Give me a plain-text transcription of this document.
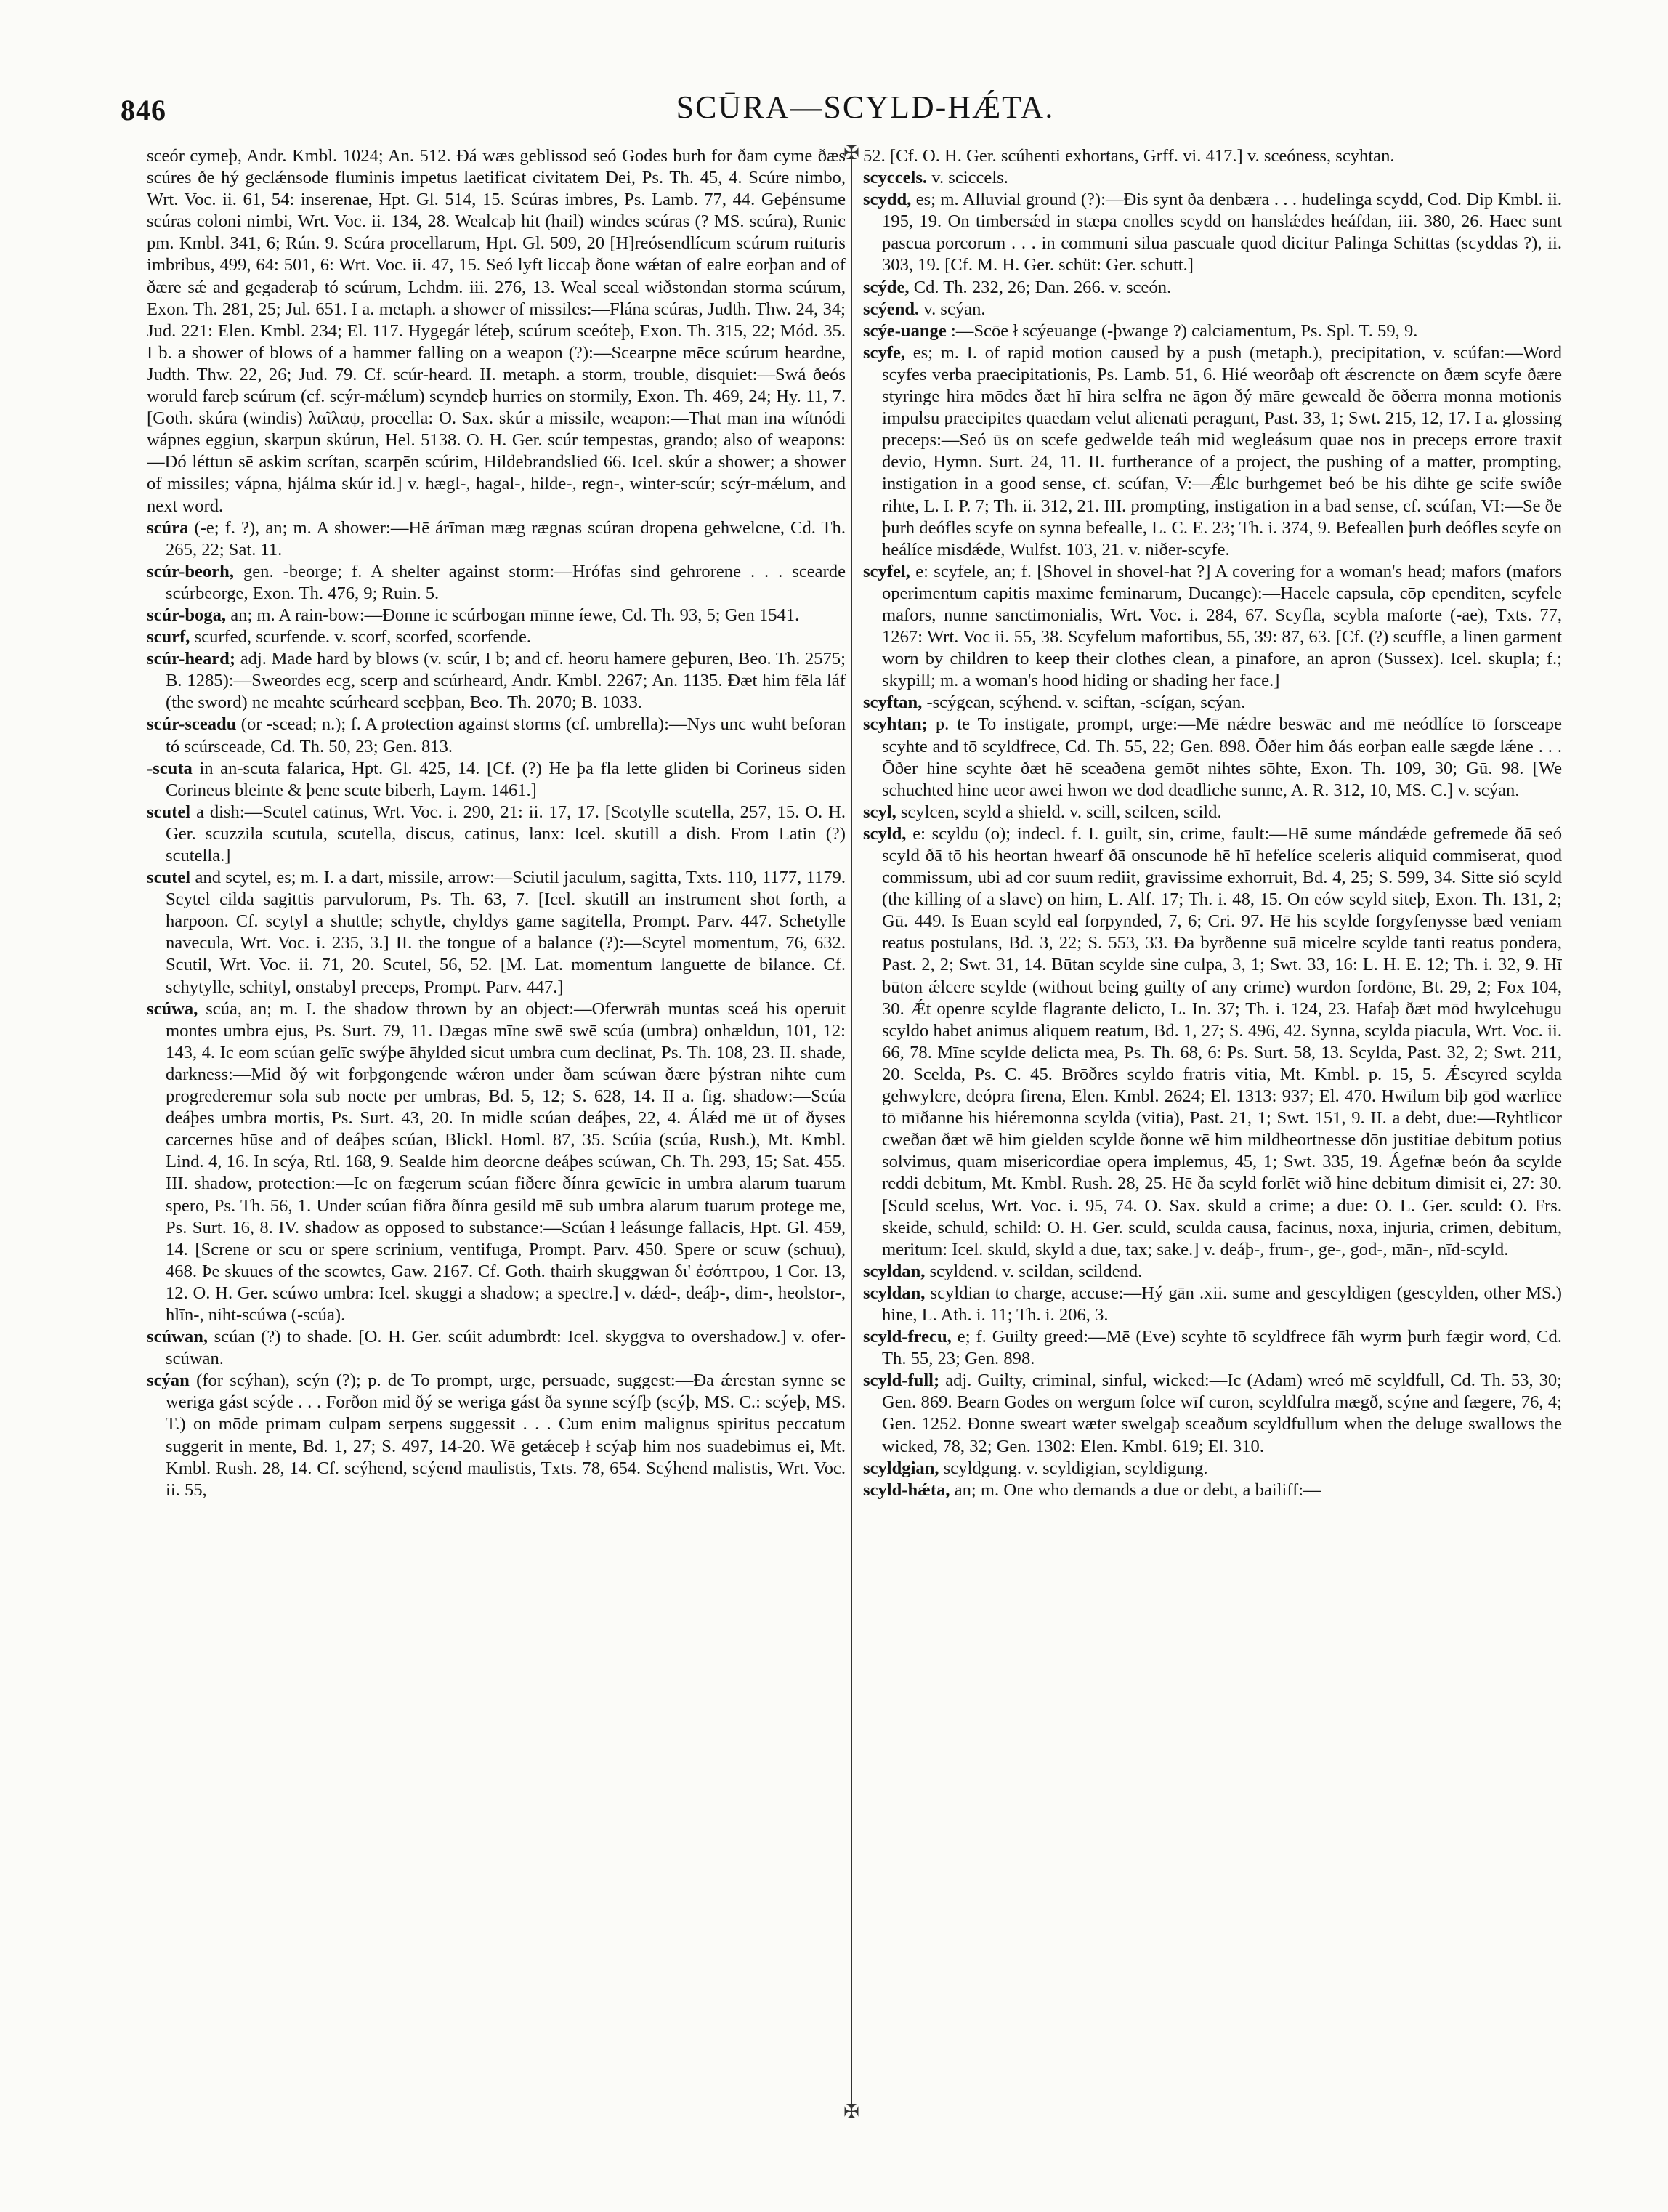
846	SCŪRA—SCYLD-HǼTA.

sceór cymeþ, Andr. Kmbl. 1024; An. 512. Ðá wæs geblissod seó Godes burh for ðam cyme ðæs scúres ðe hý geclǽnsode fluminis impetus laetificat civitatem Dei, Ps. Th. 45, 4. Scúre nimbo, Wrt. Voc. ii. 61, 54: inserenae, Hpt. Gl. 514, 15. Scúras imbres, Ps. Lamb. 77, 44. Geþénsume scúras coloni nimbi, Wrt. Voc. ii. 134, 28. Wealcaþ hit (hail) windes scúras (? MS. scúra), Runic pm. Kmbl. 341, 6; Rún. 9. Scúra procellarum, Hpt. Gl. 509, 20 [H]reósendlícum scúrum ruituris imbribus, 499, 64: 501, 6: Wrt. Voc. ii. 47, 15. Seó lyft liccaþ ðone wǽtan of ealre eorþan and of ðære sǽ and gegaderaþ tó scúrum, Lchdm. iii. 276, 13. Weal sceal wiðstondan storma scúrum, Exon. Th. 281, 25; Jul. 651. I a. metaph. a shower of missiles:—Flána scúras, Judth. Thw. 24, 34; Jud. 221: Elen. Kmbl. 234; El. 117. Hygegár léteþ, scúrum sceóteþ, Exon. Th. 315, 22; Mód. 35. I b. a shower of blows of a hammer falling on a weapon (?):—Scearpne mēce scúrum heardne, Judth. Thw. 22, 26; Jud. 79. Cf. scúr-heard. II. metaph. a storm, trouble, disquiet:—Swá ðeós woruld fareþ scúrum (cf. scýr-mǽlum) scyndeþ hurries on stormily, Exon. Th. 469, 24; Hy. 11, 7. [Goth. skúra (windis) λαῖλαψ, procella: O. Sax. skúr a missile, weapon:—That man ina wítnódi wápnes eggiun, skarpun skúrun, Hel. 5138. O. H. Ger. scúr tempestas, grando; also of weapons: —Dó léttun sē askim scrítan, scarpēn scúrim, Hildebrandslied 66. Icel. skúr a shower; a shower of missiles; vápna, hjálma skúr id.] v. hægl-, hagal-, hilde-, regn-, winter-scúr; scýr-mǽlum, and next word.

scúra (-e; f. ?), an; m. A shower:—Hē árīman mæg rægnas scúran dropena gehwelcne, Cd. Th. 265, 22; Sat. 11.

scúr-beorh, gen. -beorge; f. A shelter against storm:—Hrófas sind gehrorene . . . scearde scúrbeorge, Exon. Th. 476, 9; Ruin. 5.

scúr-boga, an; m. A rain-bow:—Ðonne ic scúrbogan mīnne íewe, Cd. Th. 93, 5; Gen 1541.

scurf, scurfed, scurfende. v. scorf, scorfed, scorfende.

scúr-heard; adj. Made hard by blows (v. scúr, I b; and cf. heoru hamere geþuren, Beo. Th. 2575; B. 1285):—Sweordes ecg, scerp and scúrheard, Andr. Kmbl. 2267; An. 1135. Ðæt him fēla láf (the sword) ne meahte scúrheard sceþþan, Beo. Th. 2070; B. 1033.

scúr-sceadu (or -scead; n.); f. A protection against storms (cf. umbrella):—Nys unc wuht beforan tó scúrsceade, Cd. Th. 50, 23; Gen. 813.

-scuta in an-scuta falarica, Hpt. Gl. 425, 14. [Cf. (?) He þa fla lette gliden bi Corineus siden Corineus bleinte & þene scute biberh, Laym. 1461.]

scutel a dish:—Scutel catinus, Wrt. Voc. i. 290, 21: ii. 17, 17. [Scotylle scutella, 257, 15. O. H. Ger. scuzzila scutula, scutella, discus, catinus, lanx: Icel. skutill a dish. From Latin (?) scutella.]

scutel and scytel, es; m. I. a dart, missile, arrow:—Sciutil jaculum, sagitta, Txts. 110, 1177, 1179. Scytel cilda sagittis parvulorum, Ps. Th. 63, 7. [Icel. skutill an instrument shot forth, a harpoon. Cf. scytyl a shuttle; schytle, chyldys game sagitella, Prompt. Parv. 447. Schetylle navecula, Wrt. Voc. i. 235, 3.] II. the tongue of a balance (?):—Scytel momentum, 76, 632. Scutil, Wrt. Voc. ii. 71, 20. Scutel, 56, 52. [M. Lat. momentum languette de bilance. Cf. schytylle, schityl, onstabyl preceps, Prompt. Parv. 447.]

scúwa, scúa, an; m. I. the shadow thrown by an object:—Oferwrāh muntas sceá his operuit montes umbra ejus, Ps. Surt. 79, 11. Dægas mīne swē swē scúa (umbra) onhældun, 101, 12: 143, 4. Ic eom scúan gelīc swýþe āhylded sicut umbra cum declinat, Ps. Th. 108, 23. II. shade, darkness:—Mid ðý wit forþgongende wǽron under ðam scúwan ðære þýstran nihte cum progrederemur sola sub nocte per umbras, Bd. 5, 12; S. 628, 14. II a. fig. shadow:—Scúa deáþes umbra mortis, Ps. Surt. 43, 20. In midle scúan deáþes, 22, 4. Álǽd mē ūt of ðyses carcernes hūse and of deáþes scúan, Blickl. Homl. 87, 35. Scúia (scúa, Rush.), Mt. Kmbl. Lind. 4, 16. In scýa, Rtl. 168, 9. Sealde him deorcne deáþes scúwan, Ch. Th. 293, 15; Sat. 455. III. shadow, protection:—Ic on fægerum scúan fiðere ðínra gewīcie in umbra alarum tuarum spero, Ps. Th. 56, 1. Under scúan fiðra ðínra gesild mē sub umbra alarum tuarum protege me, Ps. Surt. 16, 8. IV. shadow as opposed to substance:—Scúan ł leásunge fallacis, Hpt. Gl. 459, 14. [Screne or scu or spere scrinium, ventifuga, Prompt. Parv. 450. Spere or scuw (schuu), 468. Þe skuues of the scowtes, Gaw. 2167. Cf. Goth. thairh skuggwan δι' ἐσόπτρου, 1 Cor. 13, 12. O. H. Ger. scúwo umbra: Icel. skuggi a shadow; a spectre.] v. dǽd-, deáþ-, dim-, heolstor-, hlīn-, niht-scúwa (-scúa).

scúwan, scúan (?) to shade. [O. H. Ger. scúit adumbrdt: Icel. skyggva to overshadow.] v. ofer-scúwan.

scýan (for scýhan), scýn (?); p. de To prompt, urge, persuade, suggest:—Ða ǽrestan synne se weriga gást scýde . . . Forðon mid ðý se weriga gást ða synne scýfþ (scýþ, MS. C.: scýeþ, MS. T.) on mōde primam culpam serpens suggessit . . . Cum enim malignus spiritus peccatum suggerit in mente, Bd. 1, 27; S. 497, 14-20. Wē getǽceþ ł scýaþ him nos suadebimus ei, Mt. Kmbl. Rush. 28, 14. Cf. scýhend, scýend maulistis, Txts. 78, 654. Scýhend malistis, Wrt. Voc. ii. 55,

✠
✠

52. [Cf. O. H. Ger. scúhenti exhortans, Grff. vi. 417.] v. sceóness, scyhtan.

scyccels. v. sciccels.

scydd, es; m. Alluvial ground (?):—Ðis synt ða denbæra . . . hudelinga scydd, Cod. Dip Kmbl. ii. 195, 19. On timbersǽd in stæpa cnolles scydd on hanslǽdes heáfdan, iii. 380, 26. Haec sunt pascua porcorum . . . in communi silua pascuale quod dicitur Palinga Schittas (scyddas ?), ii. 303, 19. [Cf. M. H. Ger. schüt: Ger. schutt.]

scýde, Cd. Th. 232, 26; Dan. 266. v. sceón.

scýend. v. scýan.

scýe-uange :—Scōe ł scýeuange (-þwange ?) calciamentum, Ps. Spl. T. 59, 9.

scyfe, es; m. I. of rapid motion caused by a push (metaph.), precipitation, v. scúfan:—Word scyfes verba praecipitationis, Ps. Lamb. 51, 6. Hié weorðaþ oft ǽscrencte on ðæm scyfe ðære styringe hira mōdes ðæt hī hira selfra ne āgon ðý māre geweald ðe ōðerra monna motionis impulsu praecipites quaedam velut alienati peragunt, Past. 33, 1; Swt. 215, 12, 17. I a. glossing preceps:—Seó ūs on scefe gedwelde teáh mid wegleásum quae nos in preceps errore traxit devio, Hymn. Surt. 24, 11. II. furtherance of a project, the pushing of a matter, prompting, instigation in a good sense, cf. scúfan, V:—Ǽlc burhgemet beó be his dihte ge scife swíðe rihte, L. I. P. 7; Th. ii. 312, 21. III. prompting, instigation in a bad sense, cf. scúfan, VI:—Se ðe þurh deófles scyfe on synna befealle, L. C. E. 23; Th. i. 374, 9. Befeallen þurh deófles scyfe on heálíce misdǽde, Wulfst. 103, 21. v. niðer-scyfe.

scyfel, e: scyfele, an; f. [Shovel in shovel-hat ?] A covering for a woman's head; mafors (mafors operimentum capitis maxime feminarum, Ducange):—Hacele capsula, cōp ependiten, scyfele mafors, nunne sanctimonialis, Wrt. Voc. i. 284, 67. Scyfla, scybla maforte (-ae), Txts. 77, 1267: Wrt. Voc ii. 55, 38. Scyfelum mafortibus, 55, 39: 87, 63. [Cf. (?) scuffle, a linen garment worn by children to keep their clothes clean, a pinafore, an apron (Sussex). Icel. skupla; f.; skypill; m. a woman's hood hiding or shading her face.]

scyftan, -scýgean, scýhend. v. sciftan, -scígan, scýan.

scyhtan; p. te To instigate, prompt, urge:—Mē nǽdre beswāc and mē neódlíce tō forsceape scyhte and tō scyldfrece, Cd. Th. 55, 22; Gen. 898. Ōðer him ðás eorþan ealle sægde lǽne . . . Ōðer hine scyhte ðæt hē sceaðena gemōt nihtes sōhte, Exon. Th. 109, 30; Gū. 98. [We schuchted hine ueor awei hwon we dod deadliche sunne, A. R. 312, 10, MS. C.] v. scýan.

scyl, scylcen, scyld a shield. v. scill, scilcen, scild.

scyld, e: scyldu (o); indecl. f. I. guilt, sin, crime, fault:—Hē sume mándǽde gefremede ðā seó scyld ðā tō his heortan hwearf ðā onscunode hē hī hefelíce sceleris aliquid commiserat, quod commissum, ubi ad cor suum rediit, gravissime exhorruit, Bd. 4, 25; S. 599, 34. Sitte sió scyld (the killing of a slave) on him, L. Alf. 17; Th. i. 48, 15. On eów scyld siteþ, Exon. Th. 131, 2; Gū. 449. Is Euan scyld eal forpynded, 7, 6; Cri. 97. Hē his scylde forgyfenysse bæd veniam reatus postulans, Bd. 3, 22; S. 553, 33. Ða byrðenne suā micelre scylde tanti reatus pondera, Past. 2, 2; Swt. 31, 14. Būtan scylde sine culpa, 3, 1; Swt. 33, 16: L. H. E. 12; Th. i. 32, 9. Hī būton ǽlcere scylde (without being guilty of any crime) wurdon fordōne, Bt. 29, 2; Fox 104, 30. Ǽt openre scylde flagrante delicto, L. In. 37; Th. i. 124, 23. Hafaþ ðæt mōd hwylcehugu scyldo habet animus aliquem reatum, Bd. 1, 27; S. 496, 42. Synna, scylda piacula, Wrt. Voc. ii. 66, 78. Mīne scylde delicta mea, Ps. Th. 68, 6: Ps. Surt. 58, 13. Scylda, Past. 32, 2; Swt. 211, 20. Scelda, Ps. C. 45. Brōðres scyldo fratris vitia, Mt. Kmbl. p. 15, 5. Ǽscyred scylda gehwylcre, deópra firena, Elen. Kmbl. 2624; El. 1313: 937; El. 470. Hwīlum biþ gōd wærlīce tō mīðanne his hiéremonna scylda (vitia), Past. 21, 1; Swt. 151, 9. II. a debt, due:—Ryhtlīcor cweðan ðæt wē him gielden scylde ðonne wē him mildheortnesse dōn justitiae debitum potius solvimus, quam misericordiae opera implemus, 45, 1; Swt. 335, 19. Ágefnæ beón ða scylde reddi debitum, Mt. Kmbl. Rush. 28, 25. Hē ða scyld forlēt wið hine debitum dimisit ei, 27: 30. [Sculd scelus, Wrt. Voc. i. 95, 74. O. Sax. skuld a crime; a due: O. L. Ger. sculd: O. Frs. skeide, schuld, schild: O. H. Ger. sculd, sculda causa, facinus, noxa, injuria, crimen, debitum, meritum: Icel. skuld, skyld a due, tax; sake.] v. deáþ-, frum-, ge-, god-, mān-, nīd-scyld.

scyldan, scyldend. v. scildan, scildend.

scyldan, scyldian to charge, accuse:—Hý gān .xii. sume and gescyldigen (gescylden, other MS.) hine, L. Ath. i. 11; Th. i. 206, 3.

scyld-frecu, e; f. Guilty greed:—Mē (Eve) scyhte tō scyldfrece fāh wyrm þurh fægir word, Cd. Th. 55, 23; Gen. 898.

scyld-full; adj. Guilty, criminal, sinful, wicked:—Ic (Adam) wreó mē scyldfull, Cd. Th. 53, 30; Gen. 869. Bearn Godes on wergum folce wīf curon, scyldfulra mægð, scýne and fægere, 76, 4; Gen. 1252. Ðonne sweart wæter swelgaþ sceaðum scyldfullum when the deluge swallows the wicked, 78, 32; Gen. 1302: Elen. Kmbl. 619; El. 310.

scyldgian, scyldgung. v. scyldigian, scyldigung.

scyld-hǽta, an; m. One who demands a due or debt, a bailiff:—
